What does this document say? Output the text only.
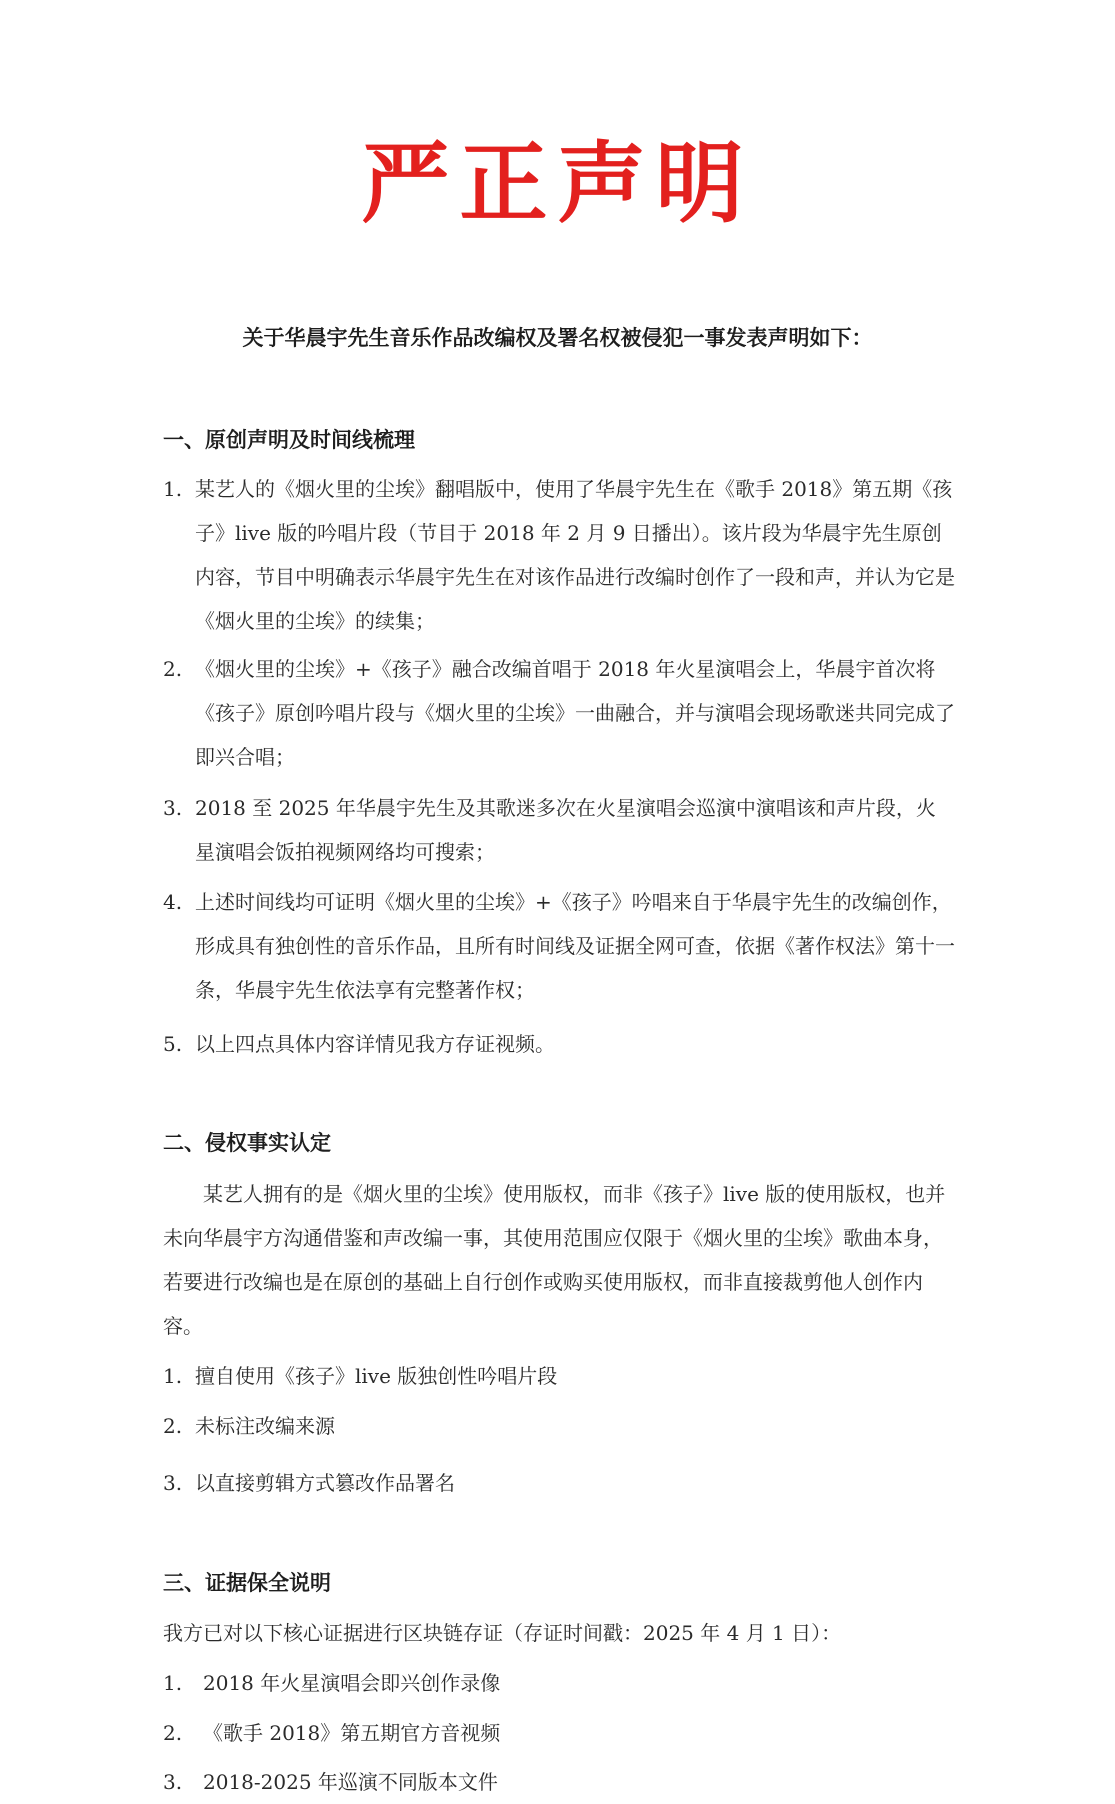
严正声明

关于华晨宇先生音乐作品改编权及署名权被侵犯一事发表声明如下：

一、原创声明及时间线梳理
1. 某艺人的《烟火里的尘埃》翻唱版中，使用了华晨宇先生在《歌手 2018》第五期《孩子》live 版的吟唱片段（节目于 2018 年 2 月 9 日播出）。该片段为华晨宇先生原创内容，节目中明确表示华晨宇先生在对该作品进行改编时创作了一段和声，并认为它是《烟火里的尘埃》的续集；
2. 《烟火里的尘埃》+《孩子》融合改编首唱于 2018 年火星演唱会上，华晨宇首次将《孩子》原创吟唱片段与《烟火里的尘埃》一曲融合，并与演唱会现场歌迷共同完成了即兴合唱；
3. 2018 至 2025 年华晨宇先生及其歌迷多次在火星演唱会巡演中演唱该和声片段，火星演唱会饭拍视频网络均可搜索；
4. 上述时间线均可证明《烟火里的尘埃》+《孩子》吟唱来自于华晨宇先生的改编创作，形成具有独创性的音乐作品，且所有时间线及证据全网可查，依据《著作权法》第十一条，华晨宇先生依法享有完整著作权；
5. 以上四点具体内容详情见我方存证视频。
二、侵权事实认定

某艺人拥有的是《烟火里的尘埃》使用版权，而非《孩子》live 版的使用版权，也并未向华晨宇方沟通借鉴和声改编一事，其使用范围应仅限于《烟火里的尘埃》歌曲本身，若要进行改编也是在原创的基础上自行创作或购买使用版权，而非直接裁剪他人创作内容。

1. 擅自使用《孩子》live 版独创性吟唱片段
2. 未标注改编来源
3. 以直接剪辑方式篡改作品署名
三、证据保全说明

我方已对以下核心证据进行区块链存证（存证时间戳：2025 年 4 月 1 日）：

1.	2018 年火星演唱会即兴创作录像
2.	《歌手 2018》第五期官方音视频
3.	2018-2025 年巡演不同版本文件
